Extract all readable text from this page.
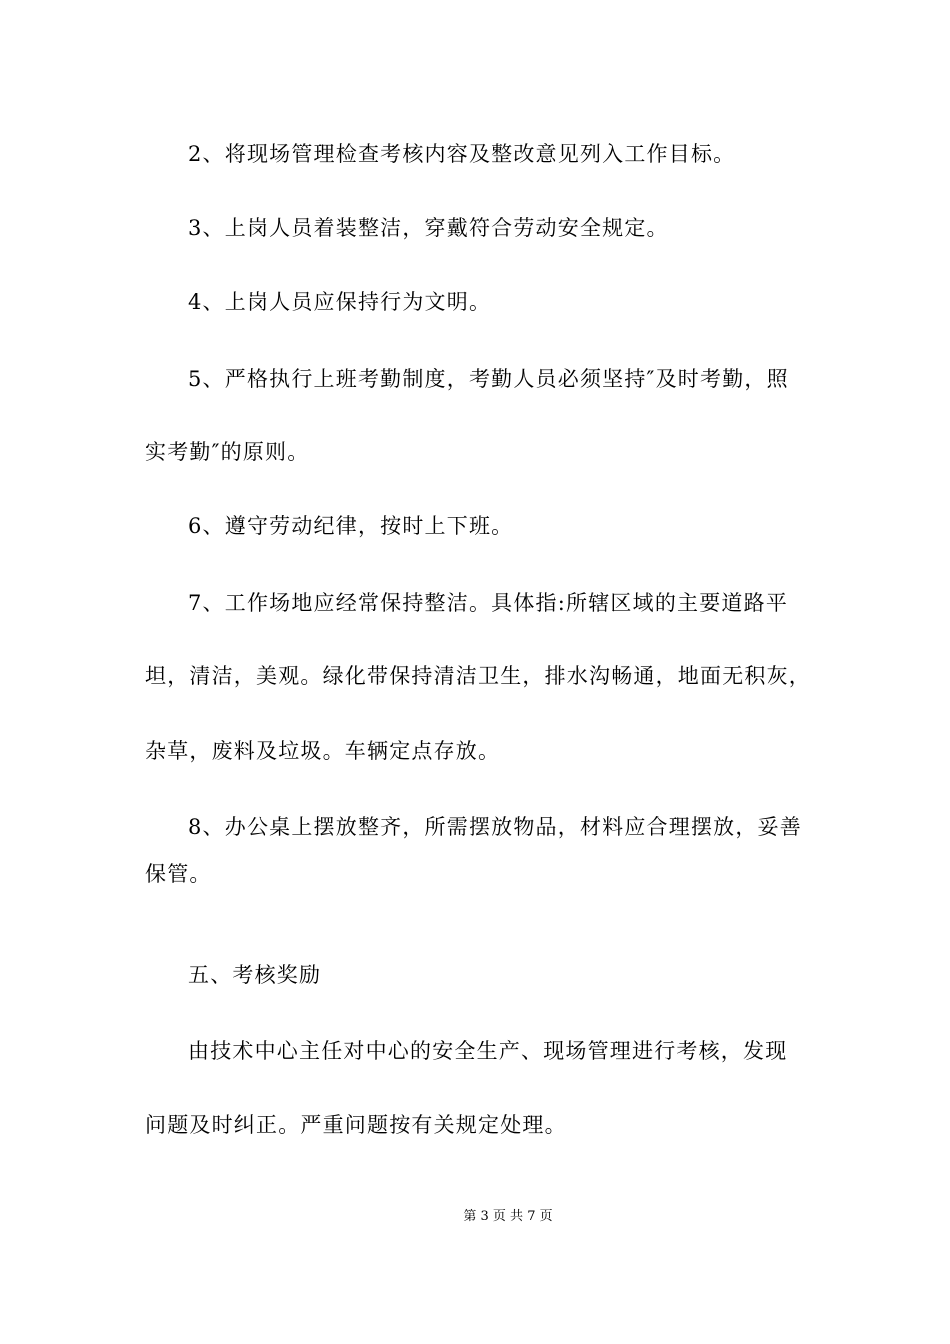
2、将现场管理检查考核内容及整改意见列入工作目标。
3、上岗人员着装整洁，穿戴符合劳动安全规定。
4、上岗人员应保持行为文明。
5、严格执行上班考勤制度，考勤人员必须坚持″及时考勤，照
实考勤″的原则。
6、遵守劳动纪律，按时上下班。
7、工作场地应经常保持整洁。具体指:所辖区域的主要道路平
坦，清洁，美观。绿化带保持清洁卫生，排水沟畅通，地面无积灰，
杂草，废料及垃圾。车辆定点存放。
8、办公桌上摆放整齐，所需摆放物品，材料应合理摆放，妥善
保管。
五、考核奖励
由技术中心主任对中心的安全生产、现场管理进行考核，发现
问题及时纠正。严重问题按有关规定处理。
第 3 页 共 7 页
